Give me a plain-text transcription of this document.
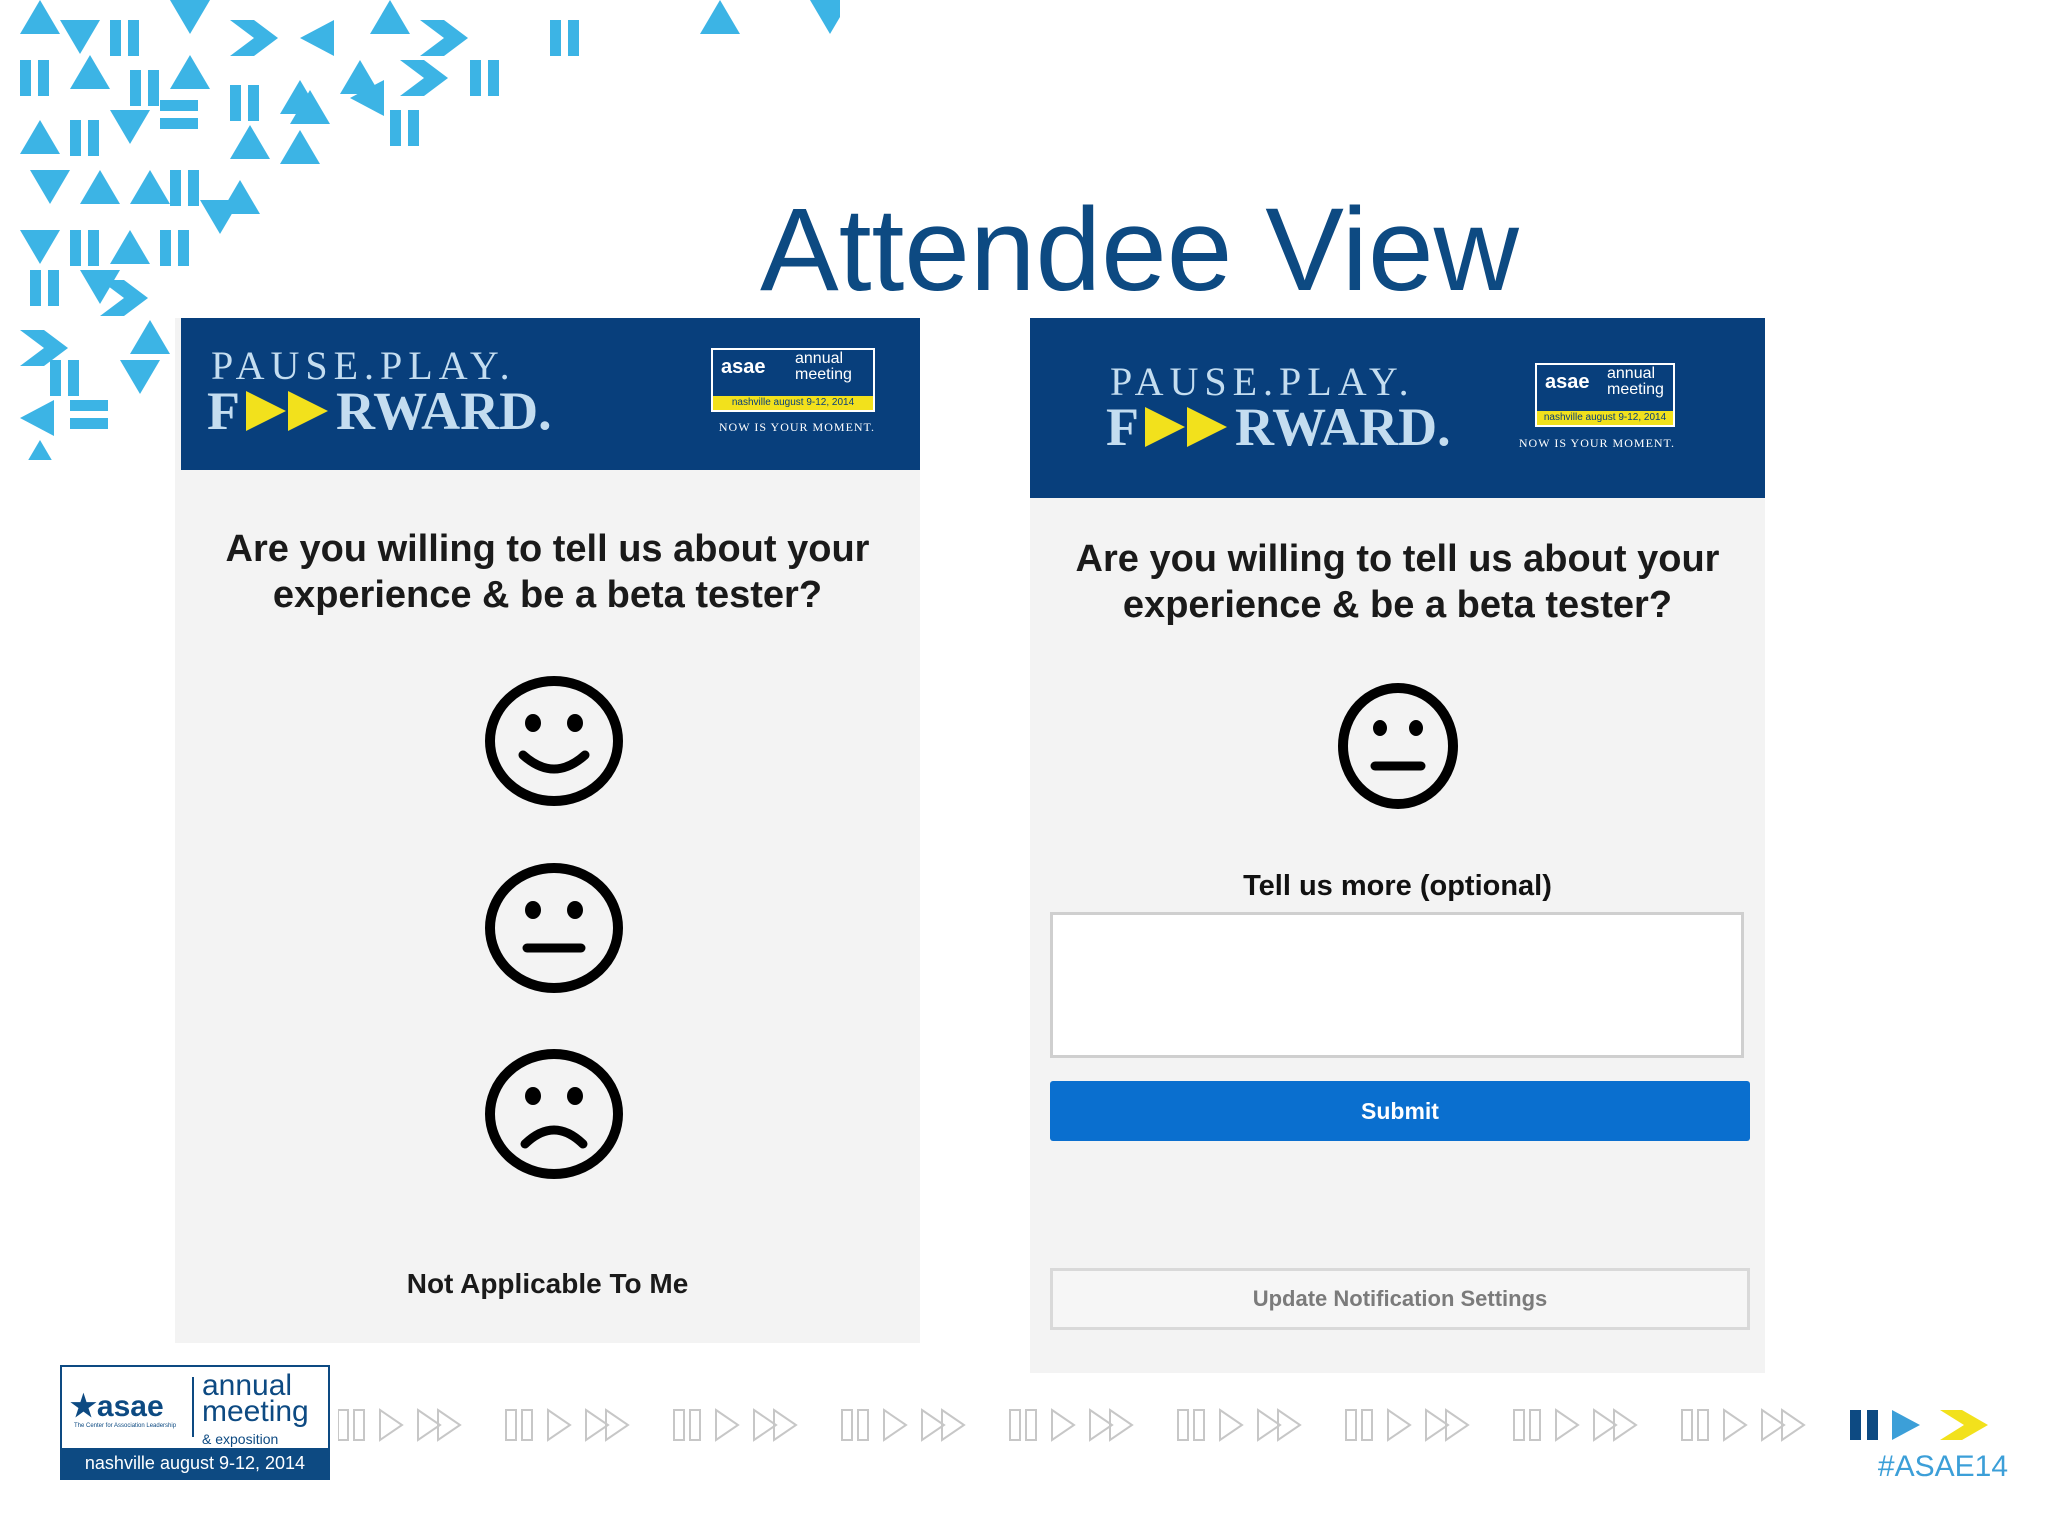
Attendee View
PAUSE.PLAY.
F RWARD.
asae annual meeting
nashville august 9-12, 2014
NOW IS YOUR MOMENT.
Are you willing to tell us about your
experience & be a beta tester?
Not Applicable To Me
PAUSE.PLAY.
F RWARD.
asae annual meeting
nashville august 9-12, 2014
NOW IS YOUR MOMENT.
Are you willing to tell us about your
experience & be a beta tester?
Tell us more (optional)
Submit
Update Notification Settings
★asae
The Center for Association Leadership
annual
meeting
& exposition
nashville august 9-12, 2014	#ASAE14
